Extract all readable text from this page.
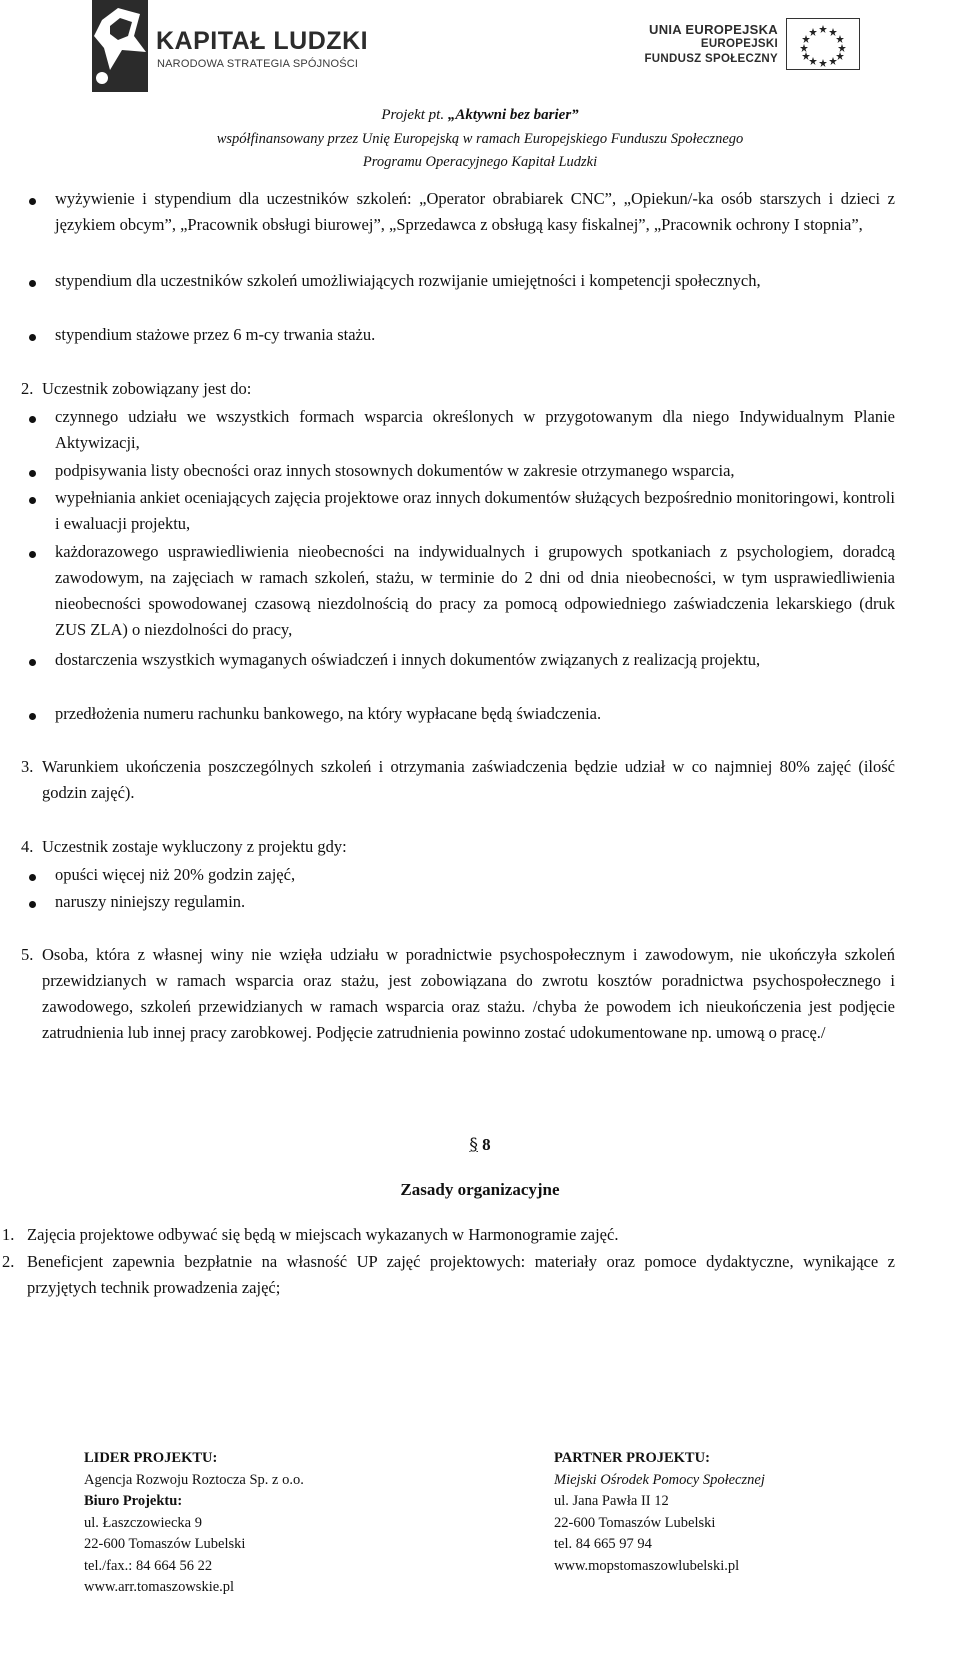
KAPITAŁ LUDZKI
NARODOWA STRATEGIA SPÓJNOŚCI
UNIA EUROPEJSKA
EUROPEJSKI
FUNDUSZ SPOŁECZNY
Projekt pt. „Aktywni bez barier”
współfinansowany przez Unię Europejską w ramach Europejskiego Funduszu Społecznego
Programu Operacyjnego Kapitał Ludzki
wyżywienie i stypendium dla uczestników szkoleń: „Operator obrabiarek CNC”, „Opiekun/-ka osób starszych i dzieci z językiem obcym”, „Pracownik obsługi biurowej”, „Sprzedawca z obsługą kasy fiskalnej”, „Pracownik ochrony I stopnia”,
stypendium dla uczestników szkoleń umożliwiających rozwijanie umiejętności i kompetencji społecznych,
stypendium stażowe przez 6 m-cy trwania stażu.
2. Uczestnik zobowiązany jest do:
czynnego udziału we wszystkich formach wsparcia określonych w przygotowanym dla niego Indywidualnym Planie Aktywizacji,
podpisywania listy obecności oraz innych stosownych dokumentów w zakresie otrzymanego wsparcia,
wypełniania ankiet oceniających zajęcia projektowe oraz innych dokumentów służących bezpośrednio monitoringowi, kontroli i ewaluacji projektu,
każdorazowego usprawiedliwienia nieobecności na indywidualnych i grupowych spotkaniach z psychologiem, doradcą zawodowym, na zajęciach w ramach szkoleń, stażu, w terminie do 2 dni od dnia nieobecności, w tym usprawiedliwienia nieobecności spowodowanej czasową niezdolnością do pracy za pomocą odpowiedniego zaświadczenia lekarskiego (druk ZUS ZLA) o niezdolności do pracy,
dostarczenia wszystkich wymaganych oświadczeń i innych dokumentów związanych z realizacją projektu,
przedłożenia numeru rachunku bankowego, na który wypłacane będą świadczenia.
3. Warunkiem ukończenia poszczególnych szkoleń i otrzymania zaświadczenia będzie udział w co najmniej 80% zajęć (ilość godzin zajęć).
4. Uczestnik zostaje wykluczony z projektu gdy:
opuści więcej niż 20% godzin zajęć,
naruszy niniejszy regulamin.
5. Osoba, która z własnej winy nie wzięła udziału w poradnictwie psychospołecznym i zawodowym, nie ukończyła szkoleń przewidzianych w ramach wsparcia oraz stażu, jest zobowiązana do zwrotu kosztów poradnictwa psychospołecznego i zawodowego, szkoleń przewidzianych w ramach wsparcia oraz stażu. /chyba że powodem ich nieukończenia jest podjęcie zatrudnienia lub innej pracy zarobkowej. Podjęcie zatrudnienia powinno zostać udokumentowane np. umową o pracę./
§ 8
Zasady organizacyjne
1. Zajęcia projektowe odbywać się będą w miejscach wykazanych w Harmonogramie zajęć.
2. Beneficjent zapewnia bezpłatnie na własność UP zajęć projektowych: materiały oraz pomoce dydaktyczne, wynikające z przyjętych technik prowadzenia zajęć;
LIDER PROJEKTU:
Agencja Rozwoju Roztocza Sp. z o.o.
Biuro Projektu:
ul. Łaszczowiecka 9
22-600 Tomaszów Lubelski
tel./fax.: 84 664 56 22
www.arr.tomaszowskie.pl
PARTNER PROJEKTU:
Miejski Ośrodek Pomocy Społecznej
ul. Jana Pawła II 12
22-600 Tomaszów Lubelski
tel. 84 665 97 94
www.mopstomaszowlubelski.pl
